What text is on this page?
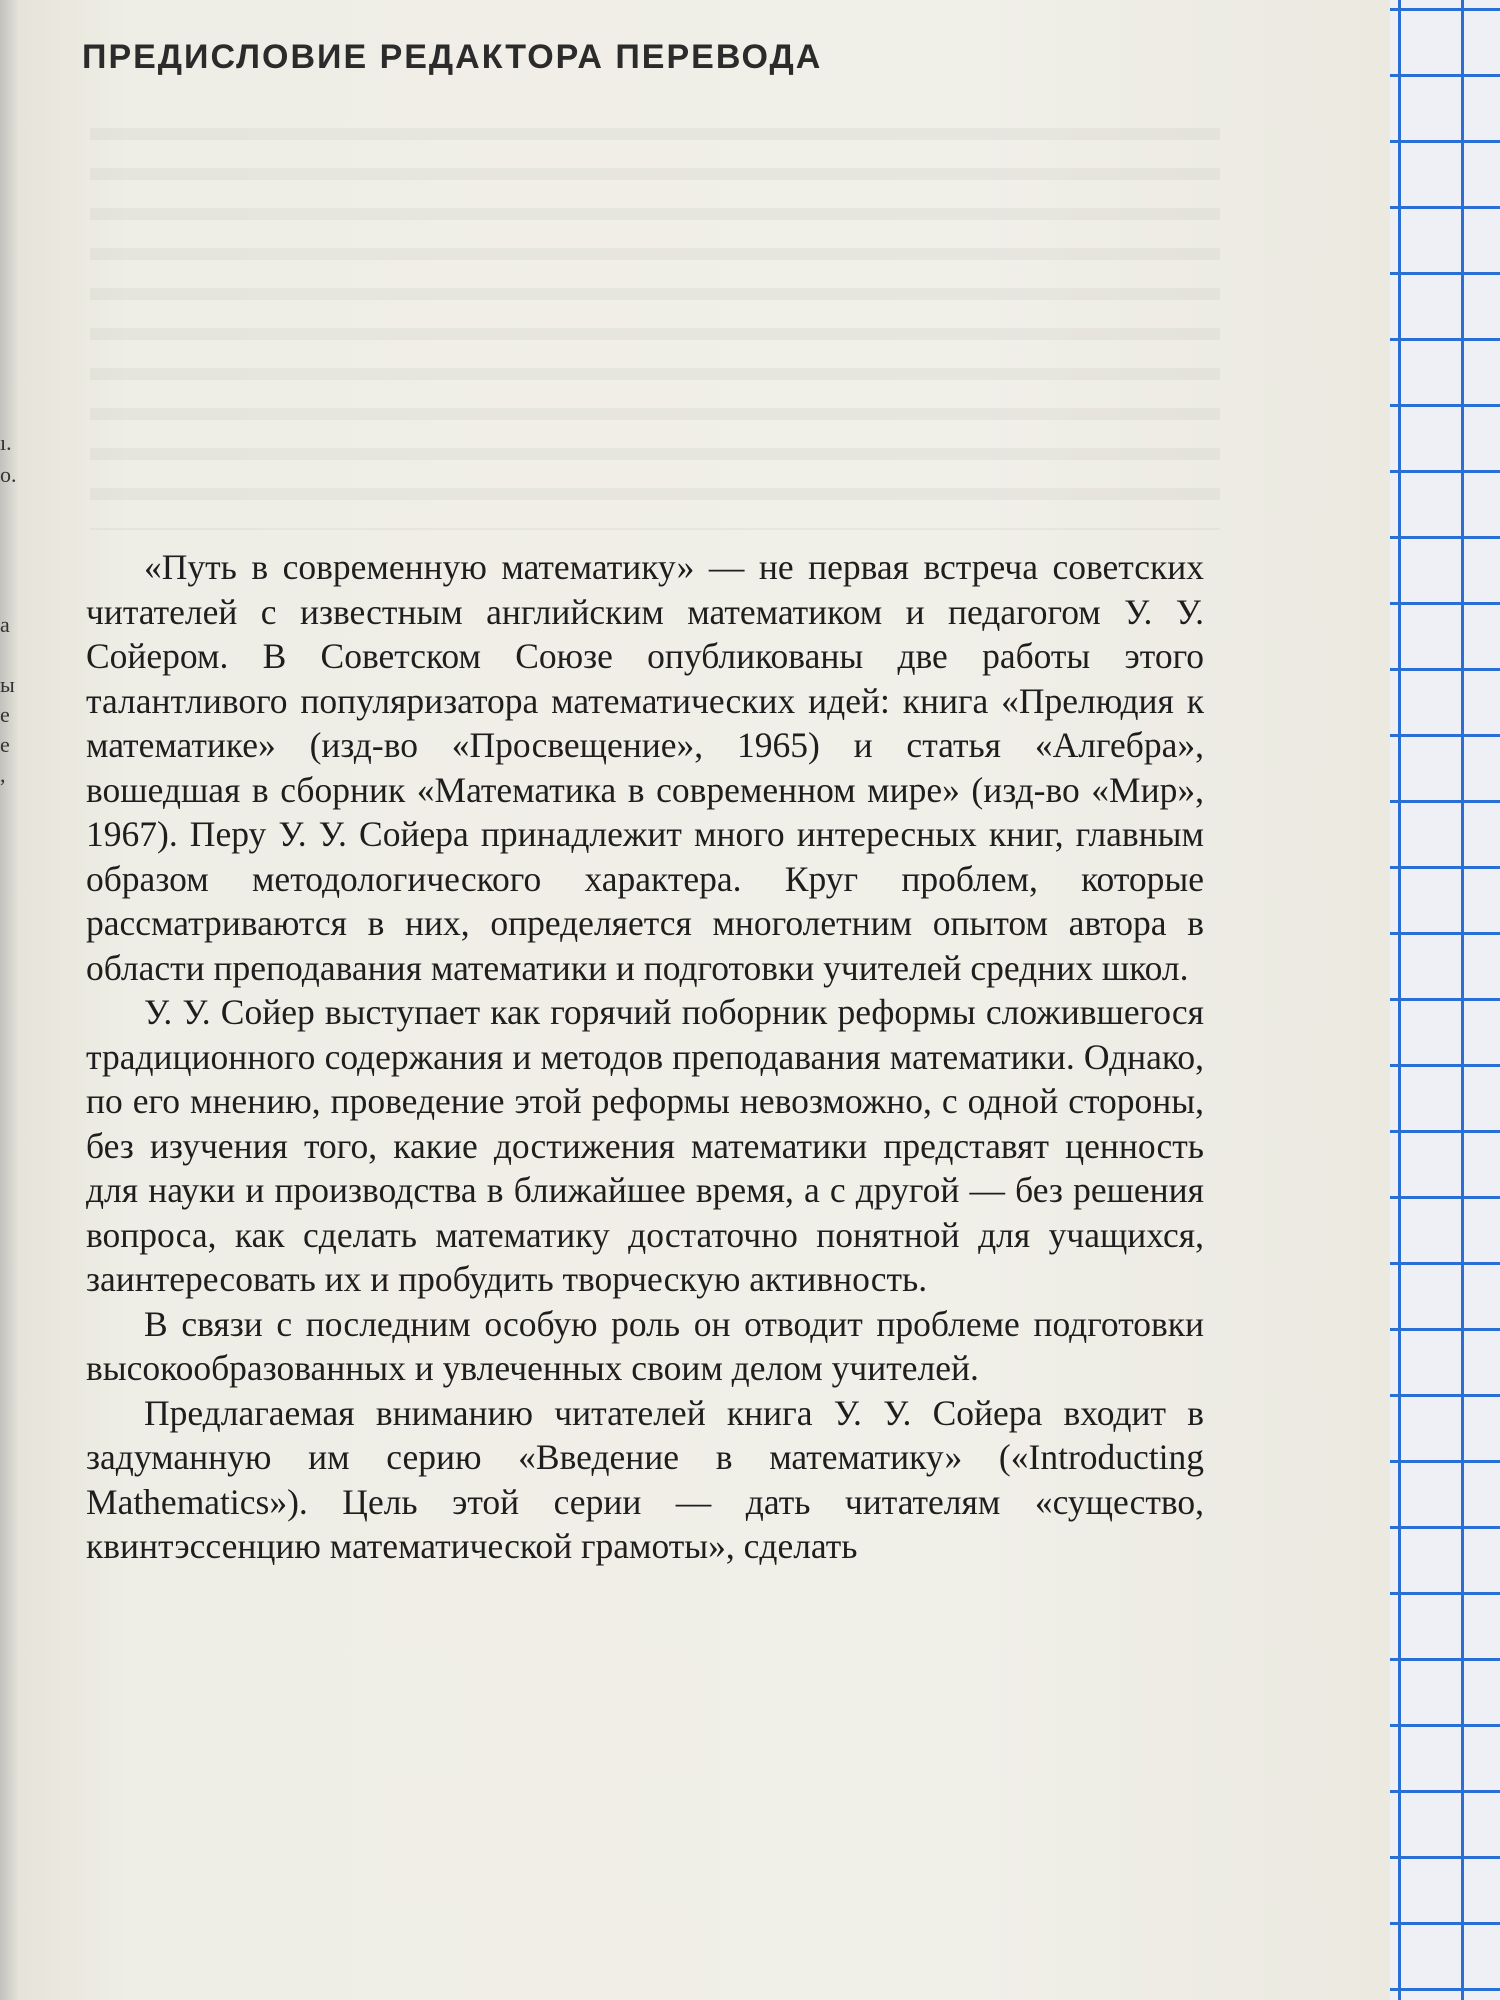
ı.
o.
a
ы
e
e
,
ПРЕДИСЛОВИЕ РЕДАКТОРА ПЕРЕВОДА

«Путь в современную математику» — не первая встреча советских читателей с известным английским математиком и педагогом У. У. Сойером. В Советском Союзе опубликованы две работы этого талантливого популяризатора математических идей: книга «Прелюдия к математике» (изд-во «Просвещение», 1965) и статья «Алгебра», вошедшая в сборник «Математика в современном мире» (изд-во «Мир», 1967). Перу У. У. Сойера принадлежит много интересных книг, главным образом методологического характера. Круг проблем, которые рассматриваются в них, определяется многолетним опытом автора в области преподавания математики и подготовки учителей средних школ.

У. У. Сойер выступает как горячий поборник реформы сложившегося традиционного содержания и методов преподавания математики. Однако, по его мнению, проведение этой реформы невозможно, с одной стороны, без изучения того, какие достижения математики представят ценность для науки и производства в ближайшее время, а с другой — без решения вопроса, как сделать математику достаточно понятной для учащихся, заинтересовать их и пробудить творческую активность.

В связи с последним особую роль он отводит проблеме подготовки высокообразованных и увлеченных своим делом учителей.

Предлагаемая вниманию читателей книга У. У. Сойера входит в задуманную им серию «Введение в математику» («Introducting Mathematics»). Цель этой серии — дать читателям «существо, квинтэссенцию математической грамоты», сделать
